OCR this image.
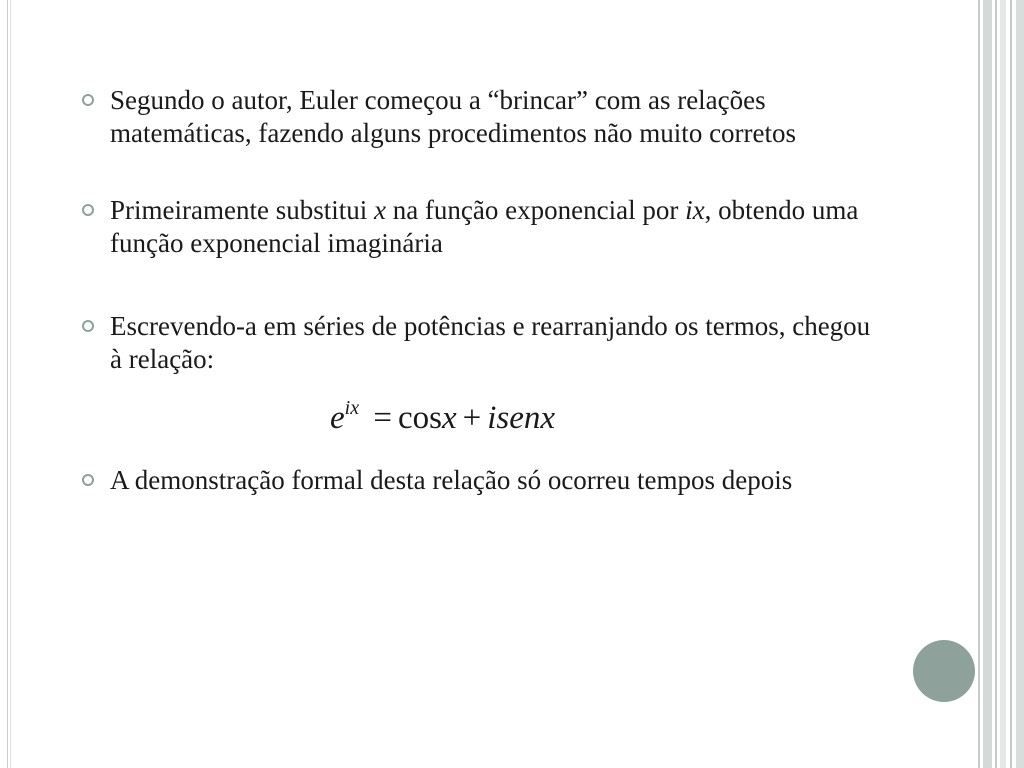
Segundo o autor, Euler começou a “brincar” com as relações matemáticas, fazendo alguns procedimentos não muito corretos

Primeiramente substitui x na função exponencial por ix, obtendo uma função exponencial imaginária

Escrevendo-a em séries de potências e rearranjando os termos, chegou à relação:

$e^{ix} = \cos x$ + isenx

A demonstração formal desta relação só ocorreu tempos depois
